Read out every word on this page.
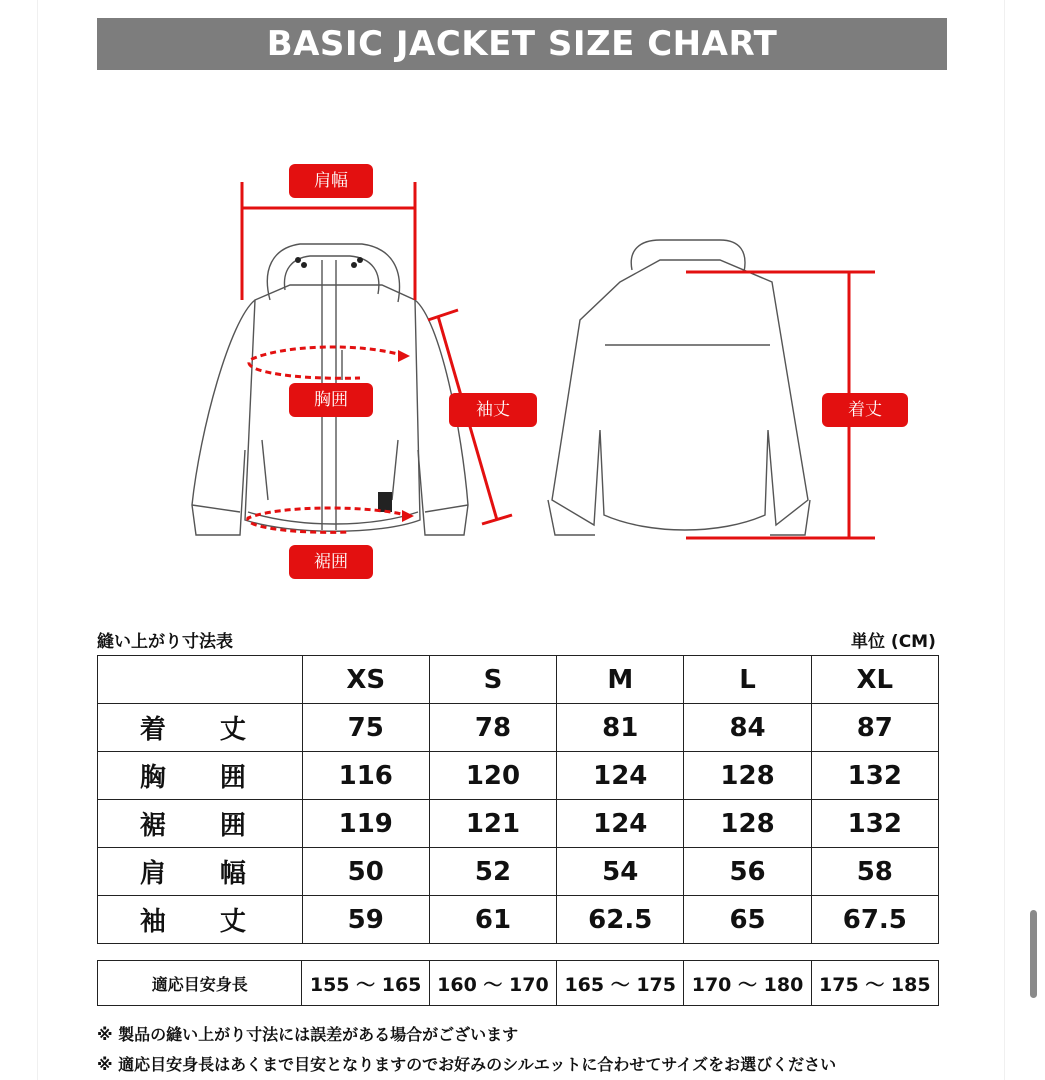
BASIC JACKET SIZE CHART
肩幅
胸囲	袖丈
裾囲
着丈
縫い上がり寸法表	単位 (CM)
	XS	S	M	L	XL
着　丈	75	78	81	84	87
胸　囲	116	120	124	128	132
裾　囲	119	121	124	128	132
肩　幅	50	52	54	56	58
袖　丈	59	61	62.5	65	67.5
適応目安身長	155 〜 165	160 〜 170	165 〜 175	170 〜 180	175 〜 185
※ 製品の縫い上がり寸法には誤差がある場合がございます
※ 適応目安身長はあくまで目安となりますのでお好みのシルエットに合わせてサイズをお選びください
